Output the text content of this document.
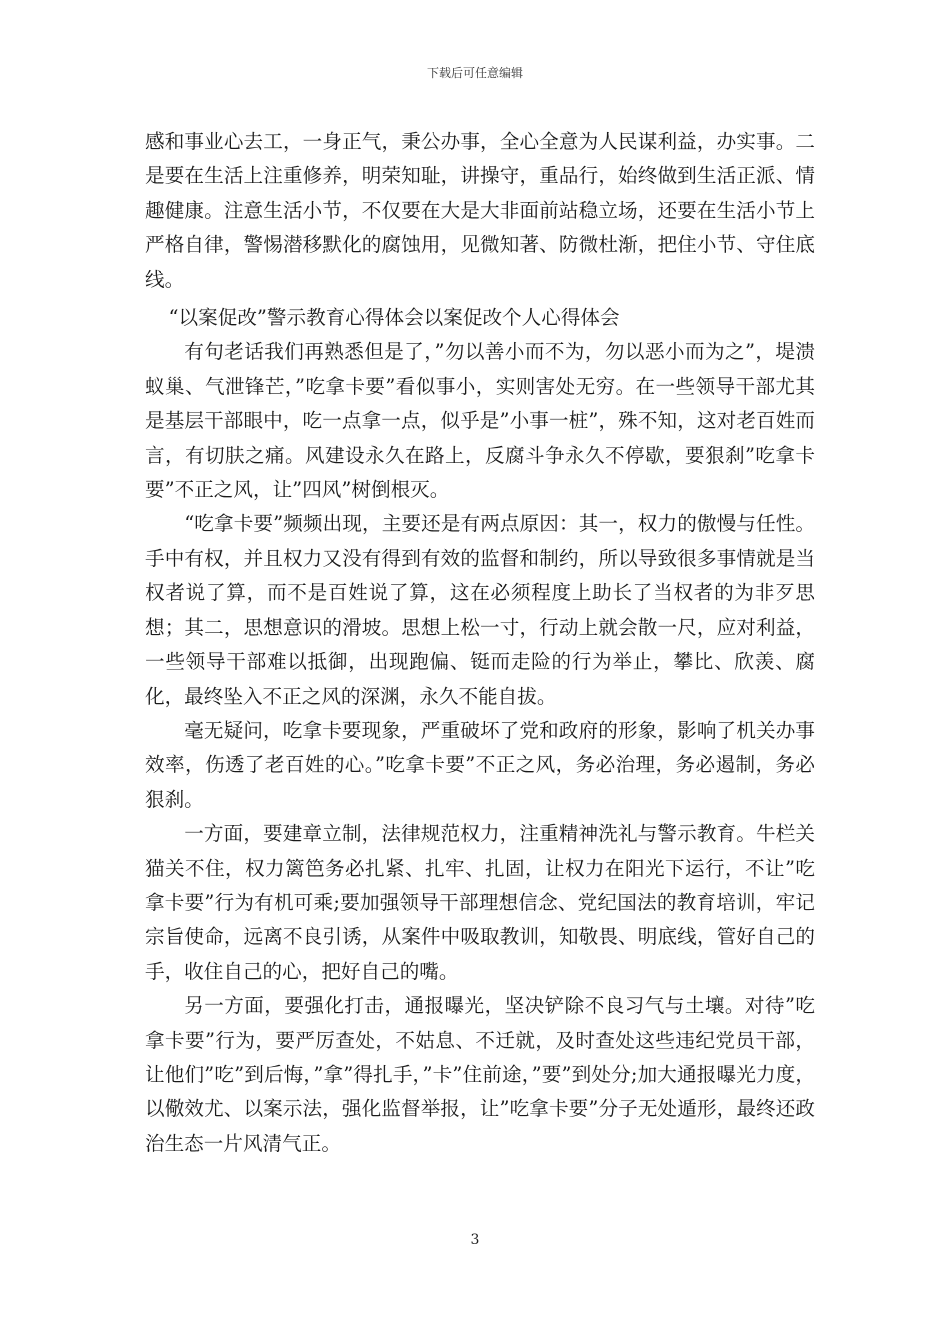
下载后可任意编辑

感和事业心去工，一身正气，秉公办事，全心全意为人民谋利益，办实事。二是要在生活上注重修养，明荣知耻，讲操守，重品行，始终做到生活正派、情趣健康。注意生活小节，不仅要在大是大非面前站稳立场，还要在生活小节上严格自律，警惕潜移默化的腐蚀用，见微知著、防微杜渐，把住小节、守住底线。

“以案促改”警示教育心得体会以案促改个人心得体会

有句老话我们再熟悉但是了，”勿以善小而不为，勿以恶小而为之”，堤溃蚁巢、气泄锋芒，”吃拿卡要”看似事小，实则害处无穷。在一些领导干部尤其是基层干部眼中，吃一点拿一点，似乎是”小事一桩”，殊不知，这对老百姓而言，有切肤之痛。风建设永久在路上，反腐斗争永久不停歇，要狠刹”吃拿卡要”不正之风，让”四风”树倒根灭。

“吃拿卡要”频频出现，主要还是有两点原因：其一，权力的傲慢与任性。手中有权，并且权力又没有得到有效的监督和制约，所以导致很多事情就是当权者说了算，而不是百姓说了算，这在必须程度上助长了当权者的为非歹思想；其二，思想意识的滑坡。思想上松一寸，行动上就会散一尺，应对利益，一些领导干部难以抵御，出现跑偏、铤而走险的行为举止，攀比、欣羡、腐化，最终坠入不正之风的深渊，永久不能自拔。

毫无疑问，吃拿卡要现象，严重破坏了党和政府的形象，影响了机关办事效率，伤透了老百姓的心。”吃拿卡要”不正之风，务必治理，务必遏制，务必狠刹。

一方面，要建章立制，法律规范权力，注重精神洗礼与警示教育。牛栏关猫关不住，权力篱笆务必扎紧、扎牢、扎固，让权力在阳光下运行，不让”吃拿卡要”行为有机可乘;要加强领导干部理想信念、党纪国法的教育培训，牢记宗旨使命，远离不良引诱，从案件中吸取教训，知敬畏、明底线，管好自己的手，收住自己的心，把好自己的嘴。

另一方面，要强化打击，通报曝光，坚决铲除不良习气与土壤。对待”吃拿卡要”行为，要严厉查处，不姑息、不迁就，及时查处这些违纪党员干部，让他们”吃”到后悔，”拿”得扎手，”卡”住前途，”要”到处分;加大通报曝光力度，以儆效尤、以案示法，强化监督举报，让”吃拿卡要”分子无处遁形，最终还政治生态一片风清气正。

3
